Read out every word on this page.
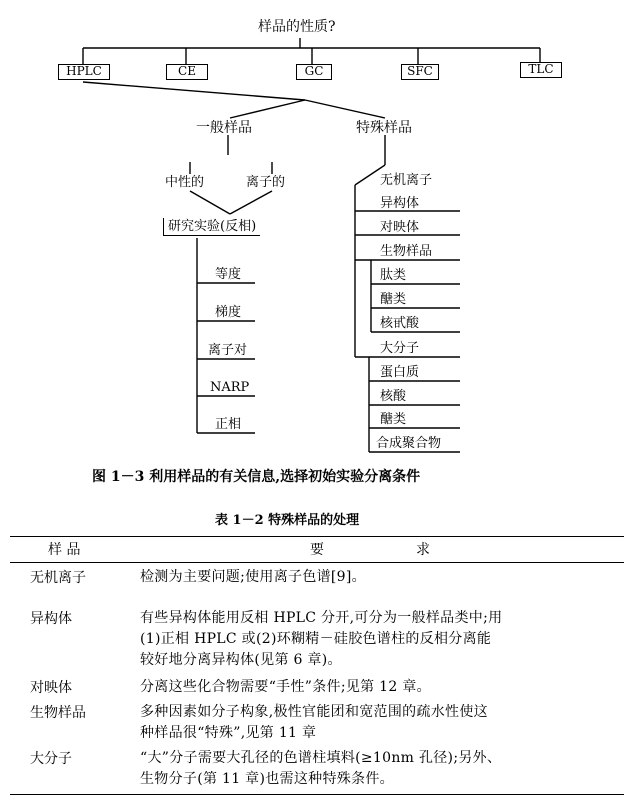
样品的性质?
HPLC	CE	GC	SFC	TLC
一般样品	特殊样品
中性的	离子的
研究实验(反相)
等度
梯度
离子对
NARP
正相
无机离子
异构体
对映体
生物样品
肽类
醣类
核甙酸
大分子
蛋白质
核酸
醣类
合成聚合物
图 1－3 利用样品的有关信息,选择初始实验分离条件
表 1－2 特殊样品的处理
样 品	要	求
无机离子	检测为主要问题;使用离子色谱[9]。
异构体	有些异构体能用反相 HPLC 分开,可分为一般样品类中;用
(1)正相 HPLC 或(2)环糊精－硅胶色谱柱的反相分离能
较好地分离异构体(见第 6 章)。
对映体	分离这些化合物需要“手性”条件;见第 12 章。
生物样品	多种因素如分子构象,极性官能团和宽范围的疏水性使这
种样品很“特殊”,见第 11 章
大分子	“大”分子需要大孔径的色谱柱填料(≥10nm 孔径);另外、
生物分子(第 11 章)也需这种特殊条件。
